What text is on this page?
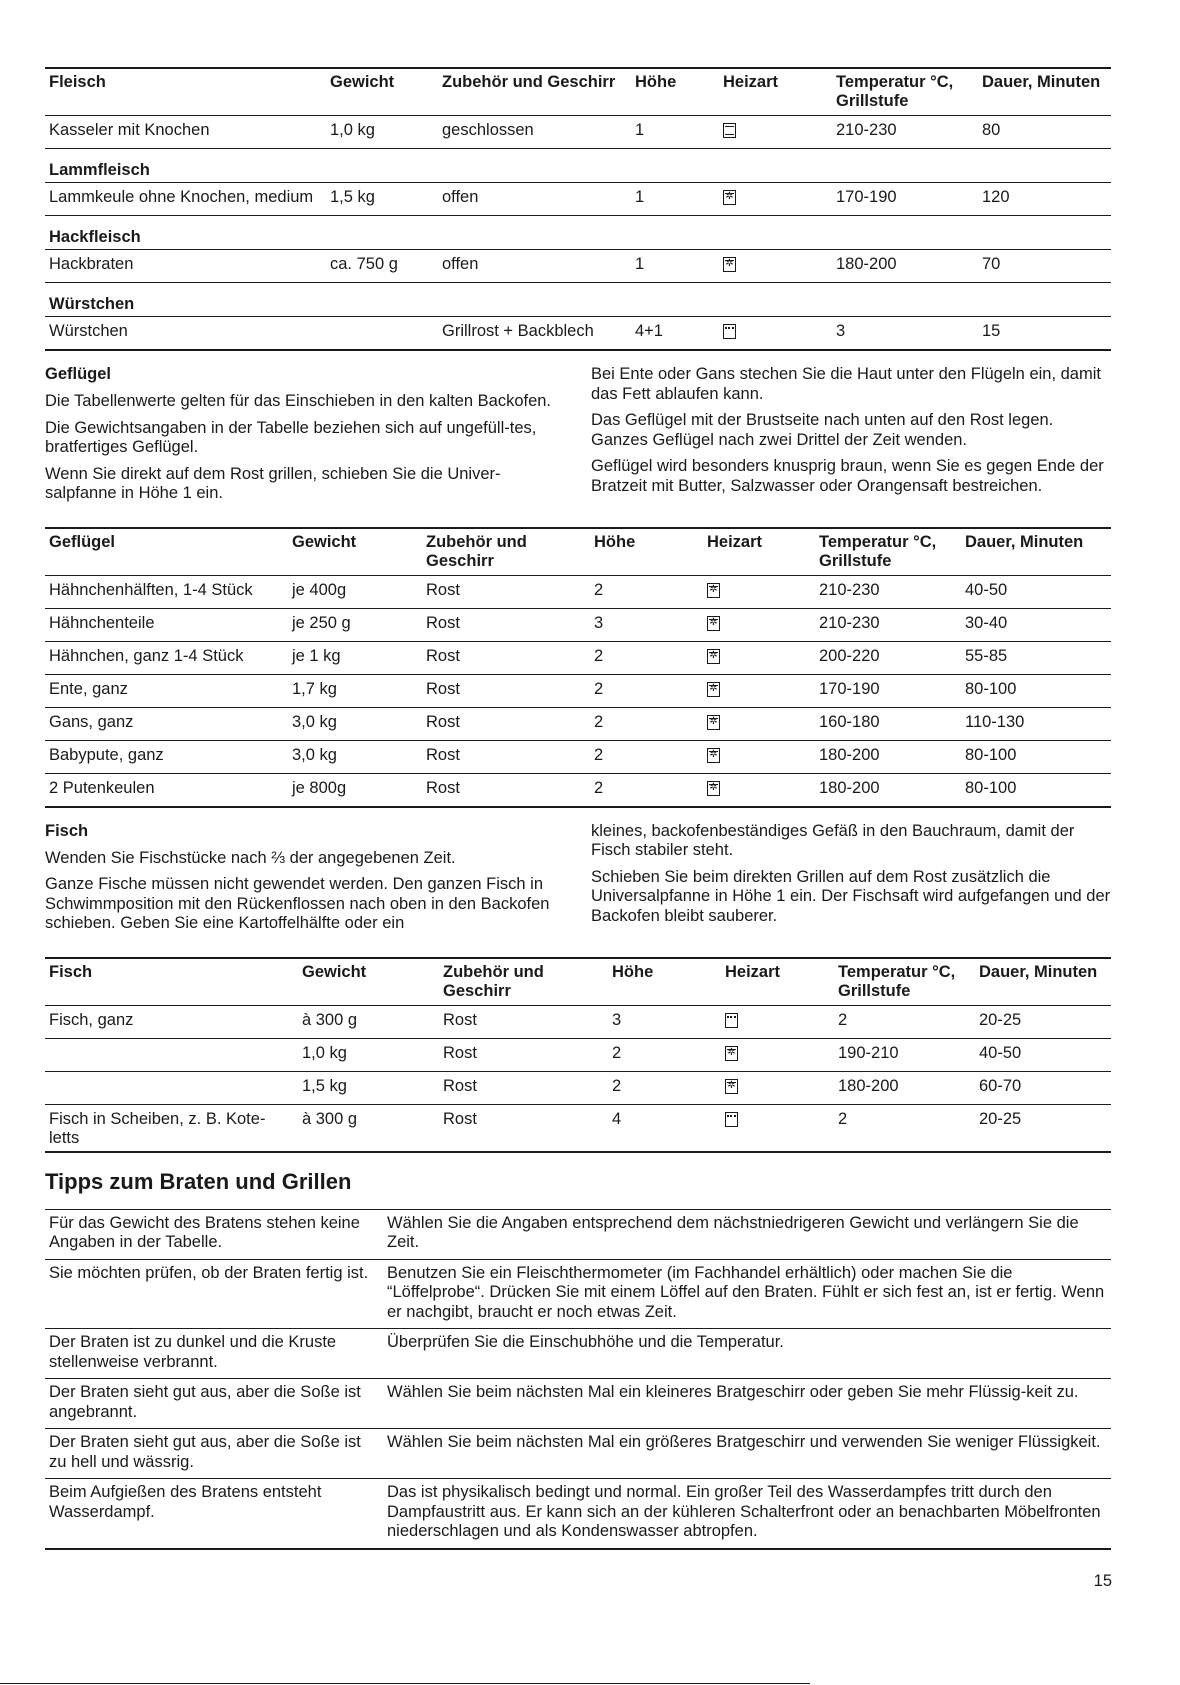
Fleisch	Gewicht	Zubehör und Geschirr	Höhe	Heizart	Temperatur °C, Grillstufe	Dauer, Minuten
Kasseler mit Knochen	1,0 kg	geschlossen	1		210-230	80
Lammfleisch						
Lammkeule ohne Knochen, medium	1,5 kg	offen	1	✲	170-190	120
Hackfleisch						
Hackbraten	ca. 750 g	offen	1	✲	180-200	70
Würstchen						
Würstchen		Grillrost + Backblech	4+1		3	15
Geflügel

Die Tabellenwerte gelten für das Einschieben in den kalten Backofen.

Die Gewichtsangaben in der Tabelle beziehen sich auf ungefüll-tes, bratfertiges Geflügel.

Wenn Sie direkt auf dem Rost grillen, schieben Sie die Univer-salpfanne in Höhe 1 ein.

Bei Ente oder Gans stechen Sie die Haut unter den Flügeln ein, damit das Fett ablaufen kann.

Das Geflügel mit der Brustseite nach unten auf den Rost legen. Ganzes Geflügel nach zwei Drittel der Zeit wenden.

Geflügel wird besonders knusprig braun, wenn Sie es gegen Ende der Bratzeit mit Butter, Salzwasser oder Orangensaft bestreichen.

Geflügel	Gewicht	Zubehör und Geschirr	Höhe	Heizart	Temperatur °C, Grillstufe	Dauer, Minuten
Hähnchenhälften, 1-4 Stück	je 400g	Rost	2	✲	210-230	40-50
Hähnchenteile	je 250 g	Rost	3	✲	210-230	30-40
Hähnchen, ganz 1-4 Stück	je 1 kg	Rost	2	✲	200-220	55-85
Ente, ganz	1,7 kg	Rost	2	✲	170-190	80-100
Gans, ganz	3,0 kg	Rost	2	✲	160-180	110-130
Babypute, ganz	3,0 kg	Rost	2	✲	180-200	80-100
2 Putenkeulen	je 800g	Rost	2	✲	180-200	80-100
Fisch

Wenden Sie Fischstücke nach ⅔ der angegebenen Zeit.

Ganze Fische müssen nicht gewendet werden. Den ganzen Fisch in Schwimmposition mit den Rückenflossen nach oben in den Backofen schieben. Geben Sie eine Kartoffelhälfte oder ein

kleines, backofenbeständiges Gefäß in den Bauchraum, damit der Fisch stabiler steht.

Schieben Sie beim direkten Grillen auf dem Rost zusätzlich die Universalpfanne in Höhe 1 ein. Der Fischsaft wird aufgefangen und der Backofen bleibt sauberer.

Fisch	Gewicht	Zubehör und Geschirr	Höhe	Heizart	Temperatur °C, Grillstufe	Dauer, Minuten
Fisch, ganz	à 300 g	Rost	3		2	20-25
	1,0 kg	Rost	2	✲	190-210	40-50
	1,5 kg	Rost	2	✲	180-200	60-70
Fisch in Scheiben, z. B. Kote-letts	à 300 g	Rost	4		2	20-25
Tipps zum Braten und Grillen
Für das Gewicht des Bratens stehen keine Angaben in der Tabelle.	Wählen Sie die Angaben entsprechend dem nächstniedrigeren Gewicht und verlängern Sie die Zeit.
Sie möchten prüfen, ob der Braten fertig ist.	Benutzen Sie ein Fleischthermometer (im Fachhandel erhältlich) oder machen Sie die “Löffelprobe“. Drücken Sie mit einem Löffel auf den Braten. Fühlt er sich fest an, ist er fertig. Wenn er nachgibt, braucht er noch etwas Zeit.
Der Braten ist zu dunkel und die Kruste stellenweise verbrannt.	Überprüfen Sie die Einschubhöhe und die Temperatur.
Der Braten sieht gut aus, aber die Soße ist angebrannt.	Wählen Sie beim nächsten Mal ein kleineres Bratgeschirr oder geben Sie mehr Flüssig-keit zu.
Der Braten sieht gut aus, aber die Soße ist zu hell und wässrig.	Wählen Sie beim nächsten Mal ein größeres Bratgeschirr und verwenden Sie weniger Flüssigkeit.
Beim Aufgießen des Bratens entsteht Wasserdampf.	Das ist physikalisch bedingt und normal. Ein großer Teil des Wasserdampfes tritt durch den Dampfaustritt aus. Er kann sich an der kühleren Schalterfront oder an benachbarten Möbelfronten niederschlagen und als Kondenswasser abtropfen.
15
